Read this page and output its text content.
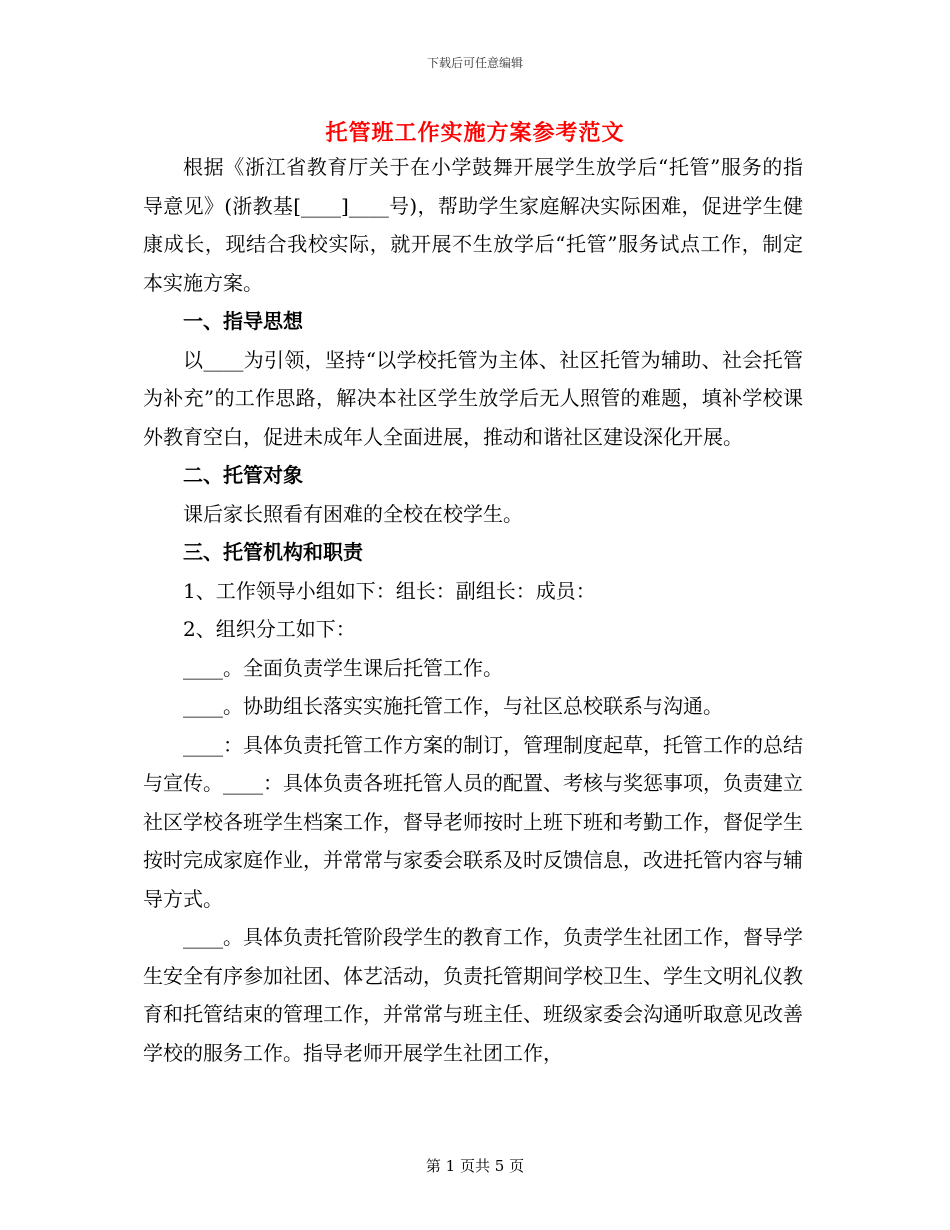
下载后可任意编辑
托管班工作实施方案参考范文

根据《浙江省教育厅关于在小学鼓舞开展学生放学后“托管”服务的指导意见》(浙教基[____]____号)，帮助学生家庭解决实际困难，促进学生健康成长，现结合我校实际，就开展不生放学后“托管”服务试点工作，制定本实施方案。

一、指导思想

以____为引领，坚持“以学校托管为主体、社区托管为辅助、社会托管为补充”的工作思路，解决本社区学生放学后无人照管的难题，填补学校课外教育空白，促进未成年人全面进展，推动和谐社区建设深化开展。

二、托管对象

课后家长照看有困难的全校在校学生。

三、托管机构和职责

1、工作领导小组如下：组长：副组长：成员：

2、组织分工如下：

____。全面负责学生课后托管工作。

____。协助组长落实实施托管工作，与社区总校联系与沟通。

____：具体负责托管工作方案的制订，管理制度起草，托管工作的总结与宣传。____：具体负责各班托管人员的配置、考核与奖惩事项，负责建立社区学校各班学生档案工作，督导老师按时上班下班和考勤工作，督促学生按时完成家庭作业，并常常与家委会联系及时反馈信息，改进托管内容与辅导方式。

____。具体负责托管阶段学生的教育工作，负责学生社团工作，督导学生安全有序参加社团、体艺活动，负责托管期间学校卫生、学生文明礼仪教育和托管结束的管理工作，并常常与班主任、班级家委会沟通听取意见改善学校的服务工作。指导老师开展学生社团工作，

第 1 页共 5 页
